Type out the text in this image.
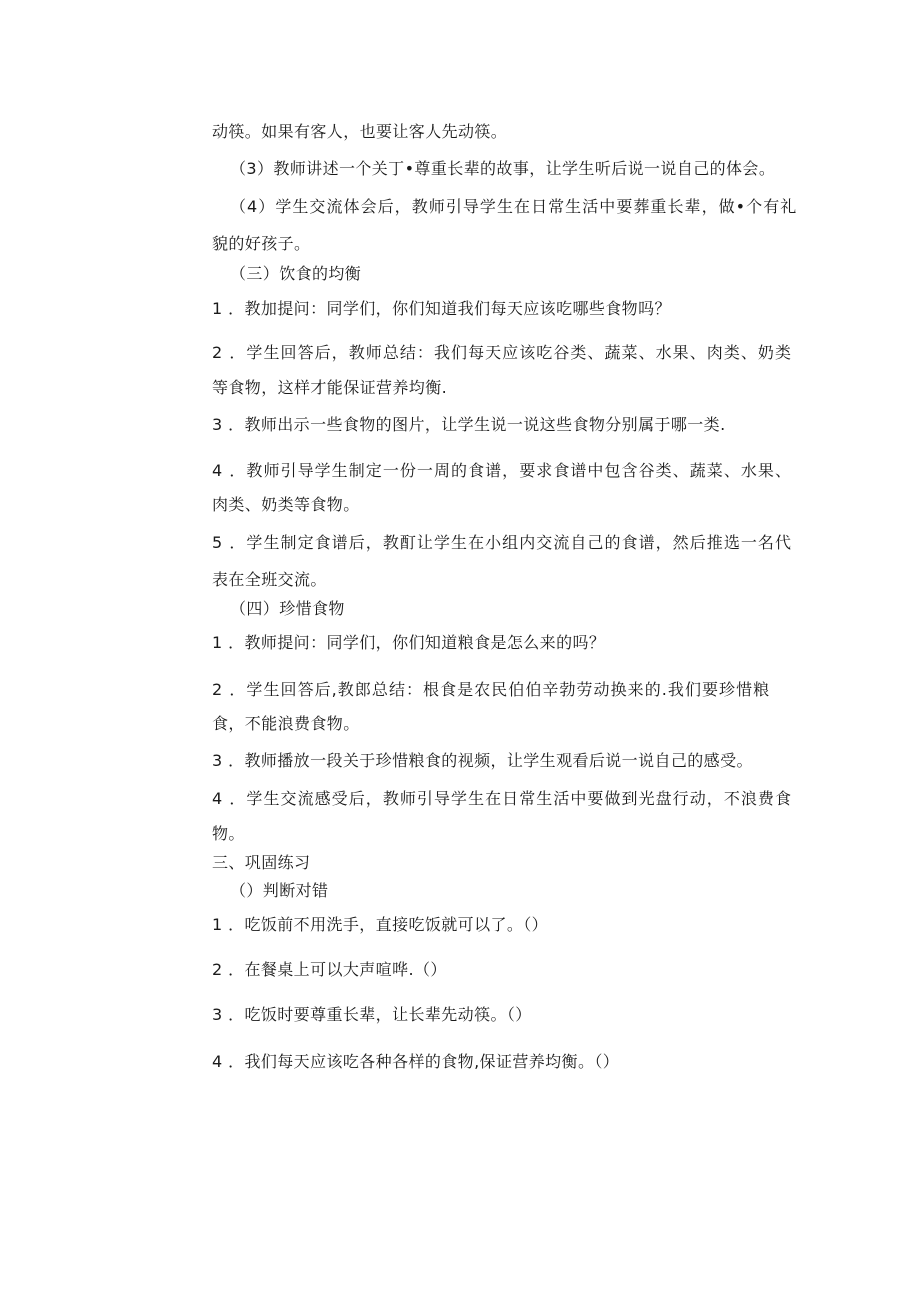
动筷。如果有客人，也要让客人先动筷。
（3）教师讲述一个关丁•尊重长辈的故事，让学生听后说一说自己的体会。
（4）学生交流体会后，教师引导学生在日常生活中要葬重长辈，做•个有礼
貌的好孩子。
（三）饮食的均衡
1 ．教加提问：同学们，你们知道我们每天应该吃哪些食物吗？
2 ．学生回答后，教师总结：我们每天应该吃谷类、蔬菜、水果、肉类、奶类
等食物，这样才能保证营养均衡.
3 ．教师出示一些食物的图片，让学生说一说这些食物分别属于哪一类.
4 ．教师引导学生制定一份一周的食谱，要求食谱中包含谷类、蔬菜、水果、
肉类、奶类等食物。
5 ．学生制定食谱后，教酊让学生在小组内交流自己的食谱，然后推选一名代
表在全班交流。
（四）珍惜食物
1 ．教师提问：同学们，你们知道粮食是怎么来的吗？
2 ．学生回答后,教郎总结：根食是农民伯伯辛勃劳动换来的.我们要珍惜粮
食，不能浪费食物。
3 ．教师播放一段关于珍惜粮食的视频，让学生观看后说一说自己的感受。
4 ．学生交流感受后，教师引导学生在日常生活中要做到光盘行动，不浪费食
物。
三、巩固练习
（）判断对错
1 ．吃饭前不用洗手，直接吃饭就可以了。（）
2 ．在餐桌上可以大声喧哗.（）
3 ．吃饭时要尊重长辈，让长辈先动筷。（）
4 ．我们每天应该吃各种各样的食物,保证营养均衡。（）
